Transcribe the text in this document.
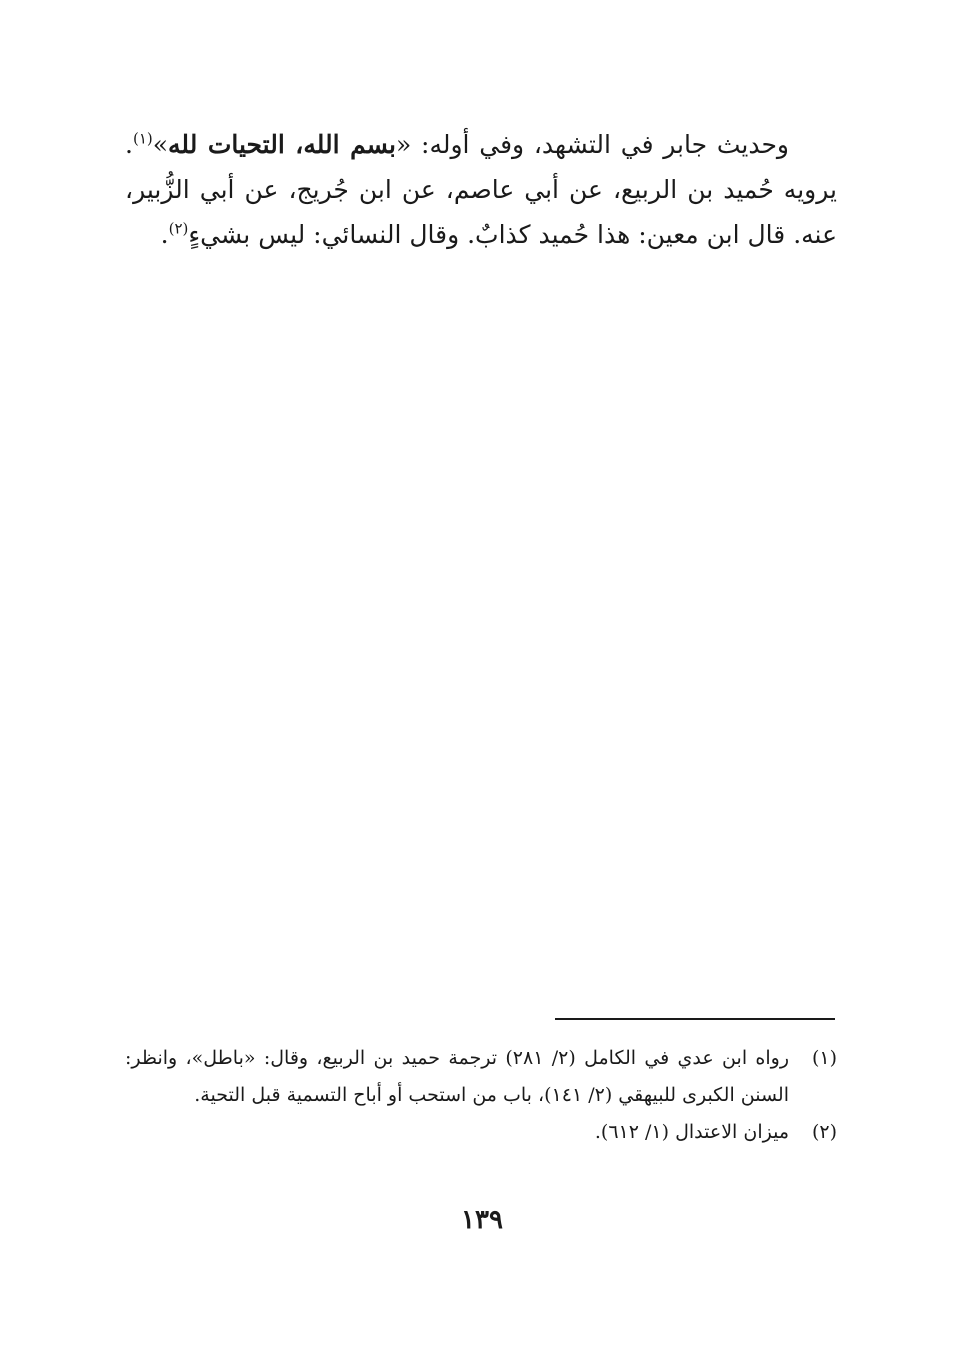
وحديث جابر في التشهد، وفي أوله: «بسم الله، التحيات لله»$^{(١)}$. يرويه حُميد بن الربيع، عن أبي عاصم، عن ابن جُريج، عن أبي الزُّبير، عنه. قال ابن معين: هذا حُميد كذابٌ. وقال النسائي: ليس بشيءٍ$^{(٢)}$.

(١)
رواه ابن عدي في الكامل (٢/ ٢٨١) ترجمة حميد بن الربيع، وقال: «باطل»، وانظر: السنن الكبرى للبيهقي (٢/ ١٤١)، باب من استحب أو أباح التسمية قبل التحية.
(٢)
ميزان الاعتدال (١/ ٦١٢).
١٣٩
